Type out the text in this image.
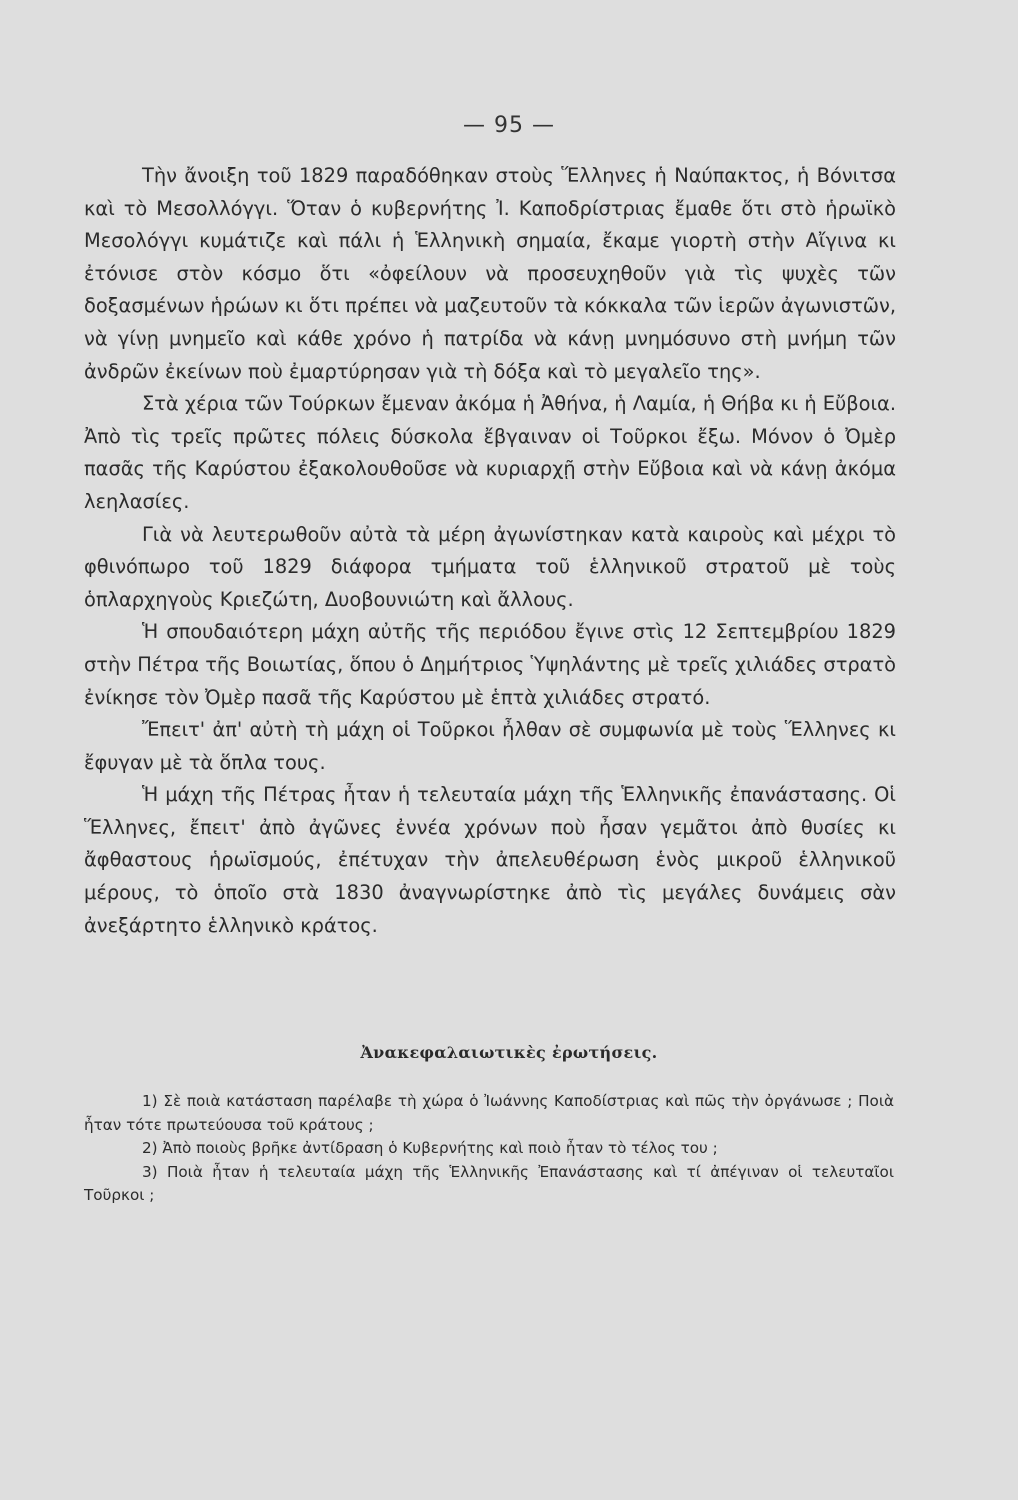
— 95 —

Τὴν ἄνοιξη τοῦ 1829 παραδόθηκαν στοὺς Ἕλληνες ἡ Ναύπακτος, ἡ Βόνιτσα καὶ τὸ Μεσολλόγγι. Ὅταν ὁ κυβερνήτης Ἰ. Καποδρίστριας ἔμαθε ὅτι στὸ ἡρωϊκὸ Μεσολόγγι κυμάτιζε καὶ πάλι ἡ Ἑλληνικὴ σημαία, ἔκαμε γιορτὴ στὴν Αἴγινα κι ἐτόνισε στὸν κόσμο ὅτι «ὀφείλουν νὰ προσευχηθοῦν γιὰ τὶς ψυχὲς τῶν δοξασμένων ἡρώων κι ὅτι πρέπει νὰ μαζευτοῦν τὰ κόκκαλα τῶν ἱερῶν ἀγωνιστῶν, νὰ γίνῃ μνημεῖο καὶ κάθε χρόνο ἡ πατρίδα νὰ κάνῃ μνημόσυνο στὴ μνήμη τῶν ἀνδρῶν ἐκείνων ποὺ ἐμαρτύρησαν γιὰ τὴ δόξα καὶ τὸ μεγαλεῖο της».

Στὰ χέρια τῶν Τούρκων ἔμεναν ἀκόμα ἡ Ἀθήνα, ἡ Λαμία, ἡ Θήβα κι ἡ Εὔβοια. Ἀπὸ τὶς τρεῖς πρῶτες πόλεις δύσκολα ἔβγαιναν οἱ Τοῦρκοι ἔξω. Μόνον ὁ Ὀμὲρ πασᾶς τῆς Καρύστου ἐξακολουθοῦσε νὰ κυριαρχῇ στὴν Εὔβοια καὶ νὰ κάνῃ ἀκόμα λεηλασίες.

Γιὰ νὰ λευτερωθοῦν αὐτὰ τὰ μέρη ἀγωνίστηκαν κατὰ καιροὺς καὶ μέχρι τὸ φθινόπωρο τοῦ 1829 διάφορα τμήματα τοῦ ἑλληνικοῦ στρατοῦ μὲ τοὺς ὁπλαρχηγοὺς Κριεζώτη, Δυοβουνιώτη καὶ ἄλλους.

Ἡ σπουδαιότερη μάχη αὐτῆς τῆς περιόδου ἔγινε στὶς 12 Σεπτεμβρίου 1829 στὴν Πέτρα τῆς Βοιωτίας, ὅπου ὁ Δημήτριος Ὑψηλάντης μὲ τρεῖς χιλιάδες στρατὸ ἐνίκησε τὸν Ὀμὲρ πασᾶ τῆς Καρύστου μὲ ἑπτὰ χιλιάδες στρατό.

Ἔπειτ' ἀπ' αὐτὴ τὴ μάχη οἱ Τοῦρκοι ἦλθαν σὲ συμφωνία μὲ τοὺς Ἕλληνες κι ἔφυγαν μὲ τὰ ὅπλα τους.

Ἡ μάχη τῆς Πέτρας ἦταν ἡ τελευταία μάχη τῆς Ἑλληνικῆς ἐπανάστασης. Οἱ Ἕλληνες, ἔπειτ' ἀπὸ ἀγῶνες ἐννέα χρόνων ποὺ ἦσαν γεμᾶτοι ἀπὸ θυσίες κι ἄφθαστους ἡρωϊσμούς, ἐπέτυχαν τὴν ἀπελευθέρωση ἑνὸς μικροῦ ἑλληνικοῦ μέρους, τὸ ὁποῖο στὰ 1830 ἀναγνωρίστηκε ἀπὸ τὶς μεγάλες δυνάμεις σὰν ἀνεξάρτητο ἑλληνικὸ κράτος.

Ἀνακεφαλαιωτικὲς ἐρωτήσεις.

1) Σὲ ποιὰ κατάσταση παρέλαβε τὴ χώρα ὁ Ἰωάννης Καποδίστριας καὶ πῶς τὴν ὀργάνωσε ; Ποιὰ ἦταν τότε πρωτεύουσα τοῦ κράτους ;

2) Ἀπὸ ποιοὺς βρῆκε ἀντίδραση ὁ Κυβερνήτης καὶ ποιὸ ἦταν τὸ τέλος του ;

3) Ποιὰ ἦταν ἡ τελευταία μάχη τῆς Ἑλληνικῆς Ἐπανάστασης καὶ τί ἀπέγιναν οἱ τελευταῖοι Τοῦρκοι ;
